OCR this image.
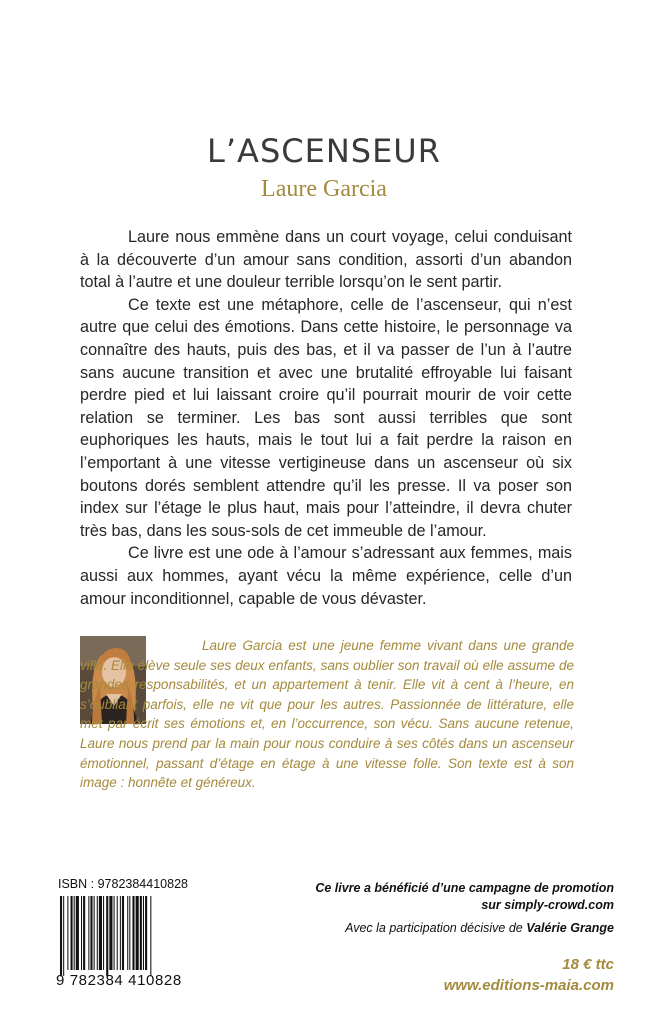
L’ASCENSEUR
Laure Garcia

Laure nous emmène dans un court voyage, celui conduisant à la découverte d’un amour sans condition, assorti d’un abandon total à l’autre et une douleur terrible lorsqu’on le sent partir.

Ce texte est une métaphore, celle de l’ascenseur, qui n’est autre que celui des émotions. Dans cette histoire, le personnage va connaître des hauts, puis des bas, et il va passer de l’un à l’autre sans aucune transition et avec une brutalité effroyable lui faisant perdre pied et lui laissant croire qu’il pourrait mourir de voir cette relation se terminer. Les bas sont aussi terribles que sont euphoriques les hauts, mais le tout lui a fait perdre la raison en l’emportant à une vitesse vertigineuse dans un ascenseur où six boutons dorés semblent attendre qu’il les presse. Il va poser son index sur l’étage le plus haut, mais pour l’atteindre, il devra chuter très bas, dans les sous-sols de cet immeuble de l’amour.

Ce livre est une ode à l’amour s’adressant aux femmes, mais aussi aux hommes, ayant vécu la même expérience, celle d’un amour inconditionnel, capable de vous dévaster.

Laure Garcia est une jeune femme vivant dans une grande ville. Elle élève seule ses deux enfants, sans oublier son travail où elle assume de grandes responsabilités, et un appartement à tenir. Elle vit à cent à l’heure, en s’oubliant parfois, elle ne vit que pour les autres. Passionnée de littérature, elle met par écrit ses émotions et, en l’occurrence, son vécu. Sans aucune retenue, Laure nous prend par la main pour nous conduire à ses côtés dans un ascenseur émotionnel, passant d’étage en étage à une vitesse folle. Son texte est à son image : honnête et généreux.
ISBN : 9782384410828
9 782384 410828
Ce livre a bénéficié d’une campagne de promotion
sur simply-crowd.com
Avec la participation décisive de Valérie Grange
18 € ttc
www.editions-maia.com
